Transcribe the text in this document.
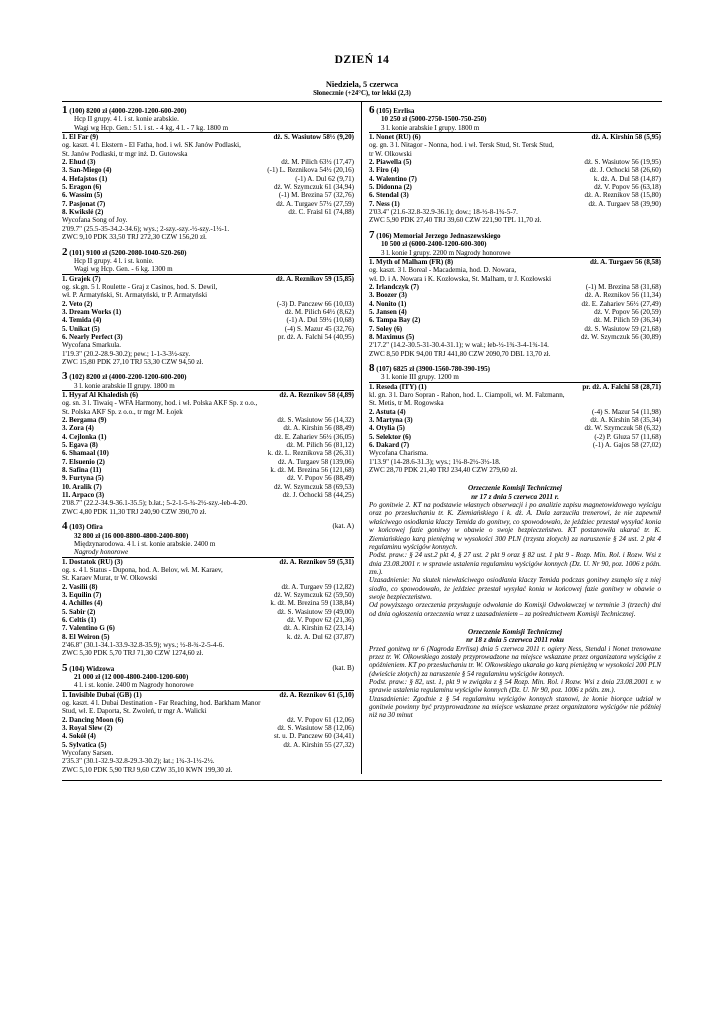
DZIEŃ 14
Niedziela, 5 czerwca
Słonecznie (+24°C), tor lekki (2,3)
1 (100) 8200 zł (4000-2200-1200-600-200)
Hcp II grupy. 4 l. i st. konie arabskie.
Wagi wg Hcp. Gen.: 5 l. i st. - 4 kg, 4 l. - 7 kg. 1800 m
1. El Far (9)	dż. S. Wasiutow 58½ (9,20)
og. kaszt. 4 l. Ekstern - El Fatha, hod. i wł. SK Janów Podlaski,
St. Janów Podlaski, tr mgr inż. D. Gutowska
2. Ehud (3)	dż. M. Pilich 63½ (17,47)
3. San-Miego (4)	(-1) L. Reznikova 54½ (20,16)
4. Hefajstos (1)	(-1) A. Dul 62 (9,71)
5. Eragon (6)	dż. W. Szymczuk 61 (34,94)
6. Wassim (5)	(-1) M. Brezina 57 (32,76)
7. Pasjonat (7)	dż. A. Turgaev 57½ (27,59)
8. Kwikslé (2)	dż. C. Fraisl 61 (74,88)
Wycofana Song of Joy.
2'09.7" (25.5-35-34.2-34.6); wys.; 2-szy.-szy.-½-szy.-1½-1.
ZWC 9,10 PDK 33,50 TRJ 272,30 CZW 156,20 zł.
2 (101) 9100 zł (5200-2080-1040-520-260)
Hcp II grupy. 4 l. i st. konie.
Wagi wg Hcp. Gen. - 6 kg. 1300 m
1. Grajek (7)	dż. A. Reznikov 59 (15,85)
og. sk.gn. 5 l. Roulette - Graj z Casinos, hod. S. Dewil,
wł. P. Armatyński, St. Armatyński, tr P. Armatyński
2. Veto (2)	(-3) D. Panczew 66 (10,03)
3. Dream Works (1)	dż. M. Pilich 64½ (8,62)
4. Temida (4)	(-1) A. Dul 59½ (10,68)
5. Unikat (5)	(-4) S. Mazur 45 (32,76)
6. Nearly Perfect (3)	pr. dż. A. Falchi 54 (40,95)
Wycofana Smarkula.
1'19.3" (20.2-28.9-30.2); pew.; 1-1-3-3½-szy.
ZWC 15,80 PDK 27,10 TRJ 53,30 CZW 94,50 zł.
3 (102) 8200 zł (4000-2200-1200-600-200)
3 l. konie arabskie II grupy. 1800 m
1. Hyyaf Al Khaledish (6)	dż. A. Reznikov 58 (4,89)
og. sn. 3 l. Tiwaiq - WFA Harmony, hod. i wł. Polska AKF Sp. z o.o.,
St. Polska AKF Sp. z o.o., tr mgr M. Łojek
2. Bergama (9)	dż. S. Wasiutow 56 (14,32)
3. Zora (4)	dż. A. Kirshin 56 (88,49)
4. Cejlonka (1)	dż. E. Zahariev 56½ (36,05)
5. Egava (8)	dż. M. Pilich 56 (81,12)
6. Shamaal (10)	k. dż. L. Reznikova 58 (26,31)
7. Elsuenio (2)	dż. A. Turgaev 58 (139,06)
8. Safina (11)	k. dż. M. Brezina 56 (121,68)
9. Furtyna (5)	dż. V. Popov 56 (88,49)
10. Aralik (7)	dż. W. Szymczuk 58 (69,53)
11. Arpaco (3)	dż. J. Ochocki 58 (44,25)
2'08.7" (22.2-34.9-36.1-35.5); b.łat.; 5-2-1-5-¾-2½-szy.-łeb-4-20.
ZWC 4,80 PDK 11,30 TRJ 240,90 CZW 390,70 zł.
4 (103) Ofira	(kat. A)
32 800 zł (16 000-8800-4800-2400-800)
Międzynarodowa. 4 l. i st. konie arabskie. 2400 m
Nagrody honorowe
1. Dostatok (RU) (3)	dż. A. Reznikov 59 (5,31)
og. s. 4 l. Status - Dupona, hod. A. Belov, wł. M. Karaev,
St. Karaev Murat, tr W. Olkowski
2. Vasilii (8)	dż. A. Turgaev 59 (12,82)
3. Equilin (7)	dż. W. Szymczuk 62 (59,50)
4. Achilles (4)	k. dż. M. Brezina 59 (138,84)
5. Sabir (2)	dż. S. Wasiutow 59 (49,00)
6. Celtis (1)	dż. V. Popov 62 (21,36)
7. Valentino G (6)	dż. A. Kirshin 62 (23,14)
8. El Weiron (5)	k. dż. A. Dul 62 (37,87)
2'46.8" (30.1-34.1-33.9-32.8-35.9); wys.; ½-8-¾-2-5-4-6.
ZWC 5,30 PDK 5,70 TRJ 71,30 CZW 1274,60 zł.
5 (104) Widzowa	(kat. B)
21 000 zł (12 000-4800-2400-1200-600)
4 l. i st. konie. 2400 m Nagrody honorowe
1. Invisible Dubai (GB) (1)	dż. A. Reznikov 61 (5,10)
og. kaszt. 4 l. Dubai Destination - Far Reaching, hod. Barkham Manor
Stud, wł. E. Daporta, St. Zwoleń, tr mgr A. Walicki
2. Dancing Moon (6)	dż. V. Popov 61 (12,06)
3. Royal Slew (2)	dż. S. Wasiutow 58 (12,06)
4. Sokół (4)	st. u. D. Panczew 60 (34,41)
5. Sylvatica (5)	dż. A. Kirshin 55 (27,32)
Wycofany Sarsen.
2'35.3" (30.1-32.9-32.8-29.3-30.2); łat.; 1¾-3-1½-2½.
ZWC 5,10 PDK 5,90 TRJ 9,60 CZW 35,10 KWN 199,30 zł.
6 (105) Errlisa
10 250 zł (5000-2750-1500-750-250)
3 l. konie arabskie I grupy. 1800 m
1. Nonet (RU) (6)	dż. A. Kirshin 58 (5,95)
og. gn. 3 l. Nitagor - Nonna, hod. i wł. Tersk Stud, St. Tersk Stud,
tr W. Olkowski
2. Piawella (5)	dż. S. Wasiutow 56 (19,95)
3. Firo (4)	dż. J. Ochocki 58 (26,60)
4. Walentino (7)	k. dż. A. Dul 58 (14,87)
5. Didonna (2)	dż. V. Popov 56 (63,18)
6. Stendal (3)	dż. A. Reznikov 58 (15,80)
7. Ness (1)	dż. A. Turgaev 58 (39,90)
2'03.4" (21.6-32.8-32.9-36.1); dow.; 18-½-8-1¾-5-7.
ZWC 5,90 PDK 27,40 TRJ 39,60 CZW 221,90 TPL 11,70 zł.
7 (106) Memoriał Jerzego Jednaszewskiego
10 500 zł (6000-2400-1200-600-300)
3 l. konie I grupy. 2200 m Nagrody honorowe
1. Myth of Malham (FR) (8)	dż. A. Turgaev 56 (8,58)
og. kaszt. 3 l. Boreal - Macademia, hod. D. Nowara,
wł. D. i A. Nowara i K. Kozłowska, St. Malham, tr J. Kozłowski
2. Irlandczyk (7)	(-1) M. Brezina 58 (31,68)
3. Boozer (3)	dż. A. Reznikov 56 (11,34)
4. Nonito (1)	dż. E. Zahariev 56½ (27,49)
5. Jansen (4)	dż. V. Popov 56 (20,59)
6. Tampa Bay (2)	dż. M. Pilich 59 (36,34)
7. Soley (6)	dż. S. Wasiutow 59 (21,68)
8. Maximus (5)	dż. W. Szymczuk 56 (30,89)
2'17.2" (14.2-30.5-31-30.4-31.1); w wał.; łeb-½-1¾-3-4-1¾-14.
ZWC 8,50 PDK 94,00 TRJ 441,80 CZW 2090,70 DBL 13,70 zł.
8 (107) 6825 zł (3900-1560-780-390-195)
3 l. konie III grupy. 1200 m
1. Reseda (ITY) (1)	pr. dż. A. Falchi 58 (28,71)
kl. gn. 3 l. Daro Sopran - Rahon, hod. L. Ciampoli, wł. M. Falzmann,
St. Metis, tr M. Rogowska
2. Astuta (4)	(-4) S. Mazur 54 (11,98)
3. Martyna (3)	dż. A. Kirshin 58 (35,34)
4. Otylia (5)	dż. W. Szymczuk 58 (6,32)
5. Selektor (6)	(-2) P. Gluza 57 (11,68)
6. Dakard (7)	(-1) A. Gajos 58 (27,02)
Wycofana Charisma.
1'13.9" (14-28.6-31.3); wys.; 1¼-8-2½-3½-18.
ZWC 28,70 PDK 21,40 TRJ 234,40 CZW 279,60 zł.
Orzeczenie Komisji Technicznej
nr 17 z dnia 5 czerwca 2011 r.
Po gonitwie 2. KT na podstawie własnych obserwacji i po analizie zapisu magnetowidowego wyścigu oraz po przesłuchaniu tr. K. Ziemiańskiego i k. dż. A. Dula zarzuciła trenerowi, że nie zapewnił właściwego osiodłania klaczy Temida do gonitwy, co spowodowało, że jeździec przestał wysyłać konia w końcowej fazie gonitwy w obawie o swoje bezpieczeństwo. KT postanowiła ukarać tr. K. Ziemiańskiego karą pieniężną w wysokości 300 PLN (trzysta złotych) za naruszenie § 24 ust. 2 pkt 4 regulaminu wyścigów konnych.
Podst. praw.: § 24 ust.2 pkt 4, § 27 ust. 2 pkt 9 oraz § 82 ust. 1 pkt 9 - Rozp. Min. Rol. i Rozw. Wsi z dnia 23.08.2001 r. w sprawie ustalenia regulaminu wyścigów konnych (Dz. U. Nr 90, poz. 1006 z późn. zm.).
Uzasadnienie: Na skutek niewłaściwego osiodłania klaczy Temida podczas gonitwy zsunęło się z niej siodło, co spowodowało, że jeździec przestał wysyłać konia w końcowej fazie gonitwy w obawie o swoje bezpieczeństwo.
Od powyższego orzeczenia przysługuje odwołanie do Komisji Odwoławczej w terminie 3 (trzech) dni od dnia ogłoszenia orzeczenia wraz z uzasadnieniem – za pośrednictwem Komisji Technicznej.
Orzeczenie Komisji Technicznej
nr 18 z dnia 5 czerwca 2011 roku
Przed gonitwą nr 6 (Nagroda Errlisa) dnia 5 czerwca 2011 r. ogiery Ness, Stendal i Nonet trenowane przez tr. W. Olkowskiego zostały przyprowadzone na miejsce wskazane przez organizatora wyścigów z opóźnieniem. KT po przesłuchaniu tr. W. Olkowskiego ukarała go karą pieniężną w wysokości 200 PLN (dwieście złotych) za naruszenie § 54 regulaminu wyścigów konnych.
Podst. praw.: § 82, ust. 1, pkt 9 w związku z § 54 Rozp. Min. Rol. i Rozw. Wsi z dnia 23.08.2001 r. w sprawie ustalenia regulaminu wyścigów konnych (Dz. U. Nr 90, poz. 1006 z późn. zm.).
Uzasadnienie: Zgodnie z § 54 regulaminu wyścigów konnych stanowi, że konie biorące udział w gonitwie powinny być przyprowadzone na miejsce wskazane przez organizatora wyścigów nie później niż na 30 minut
